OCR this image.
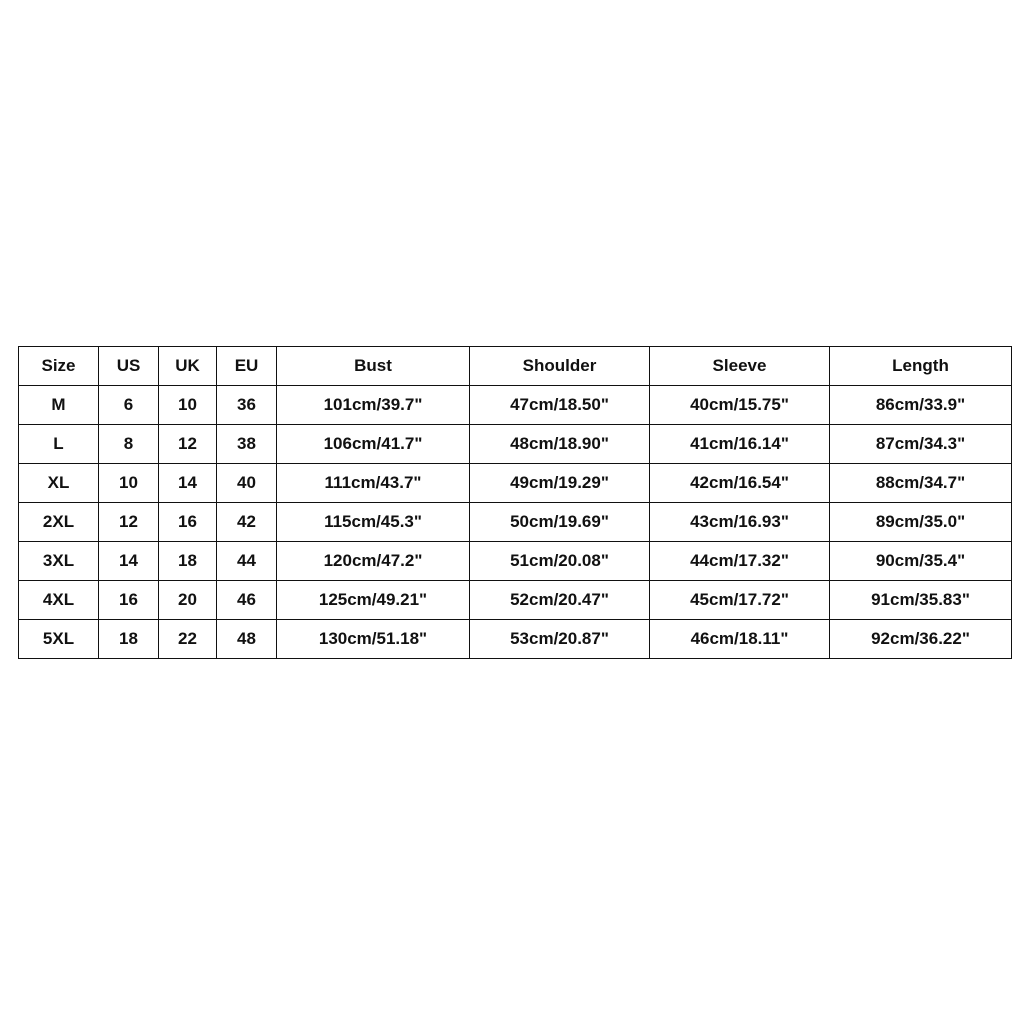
Size	US	UK	EU	Bust	Shoulder	Sleeve	Length
M	6	10	36	101cm/39.7"	47cm/18.50"	40cm/15.75"	86cm/33.9"
L	8	12	38	106cm/41.7"	48cm/18.90"	41cm/16.14"	87cm/34.3"
XL	10	14	40	111cm/43.7"	49cm/19.29"	42cm/16.54"	88cm/34.7"
2XL	12	16	42	115cm/45.3"	50cm/19.69"	43cm/16.93"	89cm/35.0"
3XL	14	18	44	120cm/47.2"	51cm/20.08"	44cm/17.32"	90cm/35.4"
4XL	16	20	46	125cm/49.21"	52cm/20.47"	45cm/17.72"	91cm/35.83"
5XL	18	22	48	130cm/51.18"	53cm/20.87"	46cm/18.11"	92cm/36.22"
